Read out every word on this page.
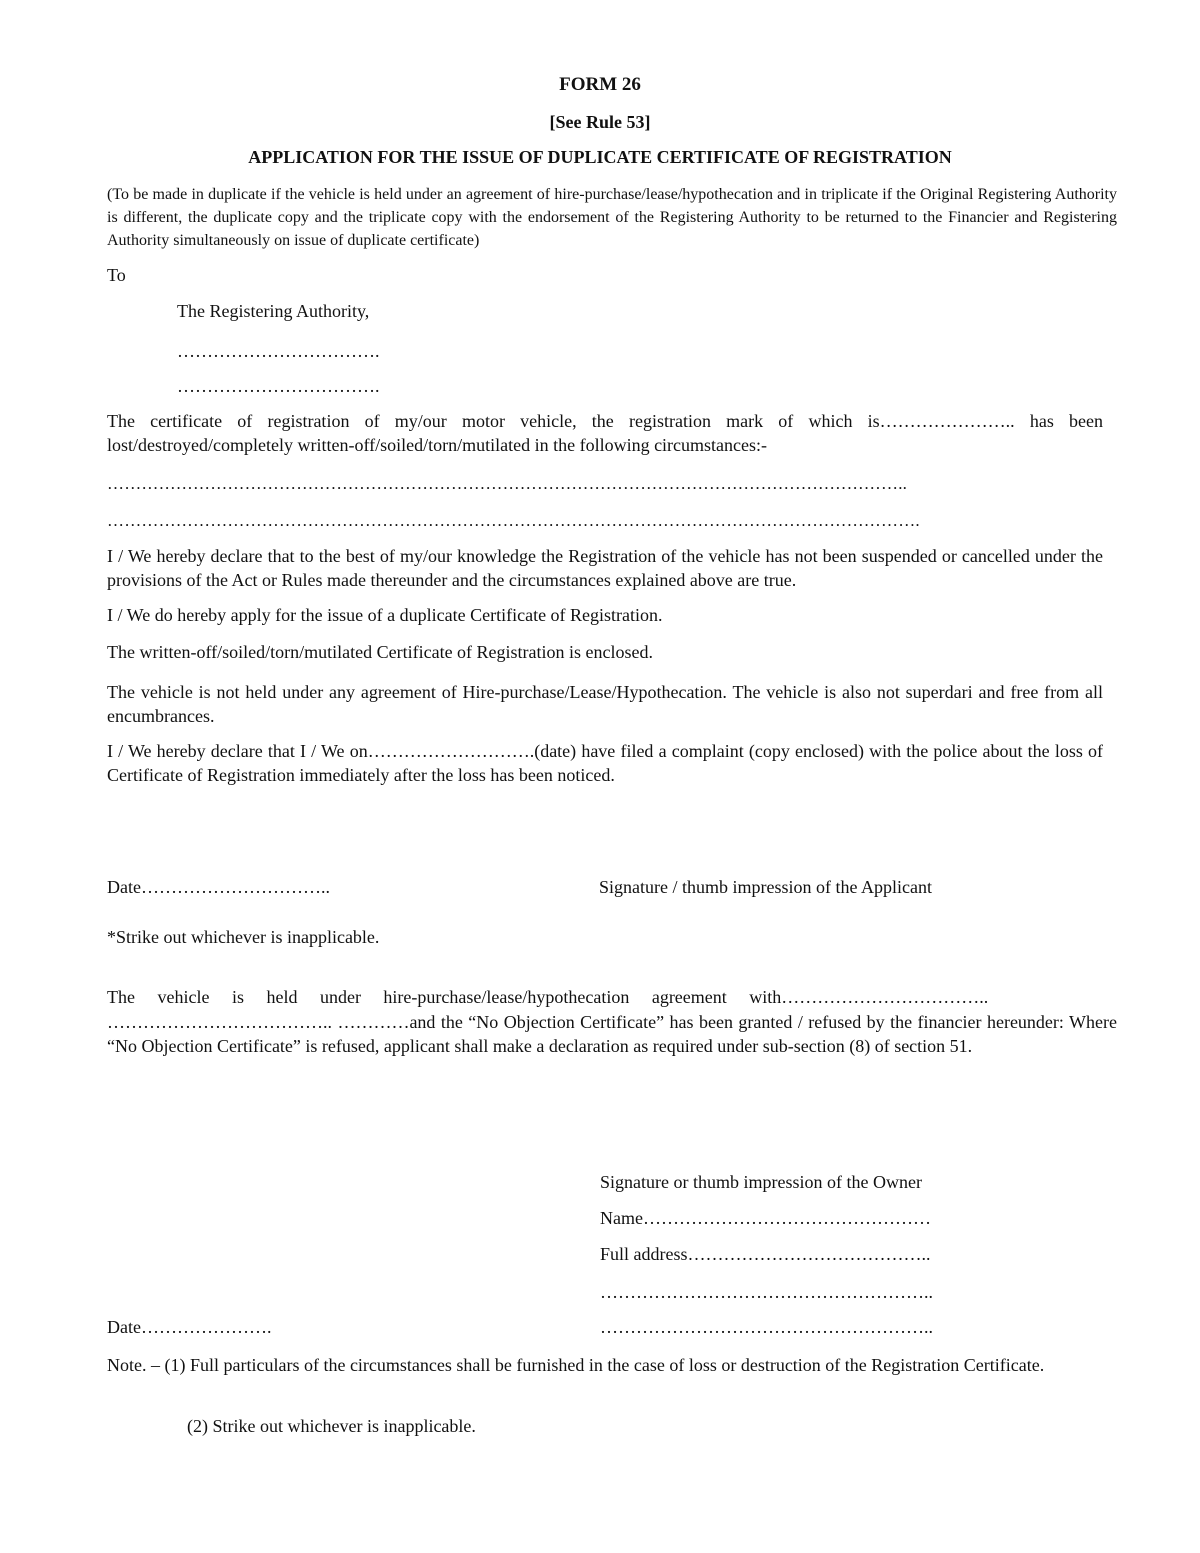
FORM 26

[See Rule 53]

APPLICATION FOR THE ISSUE OF DUPLICATE CERTIFICATE OF REGISTRATION

(To be made in duplicate if the vehicle is held under an agreement of hire-purchase/lease/hypothecation and in triplicate if the Original Registering Authority is different, the duplicate copy and the triplicate copy with the endorsement of the Registering Authority to be returned to the Financier and Registering Authority simultaneously on issue of duplicate certificate)

To

The Registering Authority,

…………………………….

…………………………….

The certificate of registration of my/our motor vehicle, the registration mark of which is………………….. has been lost/destroyed/completely written-off/soiled/torn/mutilated in the following circumstances:-

…………………………………………………………………………………………………………………………..

…………………………………………………………………………………………………………………………….

I / We hereby declare that to the best of my/our knowledge the Registration of the vehicle has not been suspended or cancelled under the provisions of the Act or Rules made thereunder and the circumstances explained above are true.

I / We do hereby apply for the issue of a duplicate Certificate of Registration.

The written-off/soiled/torn/mutilated Certificate of Registration is enclosed.

The vehicle is not held under any agreement of Hire-purchase/Lease/Hypothecation. The vehicle is also not superdari and free from all encumbrances.

I / We hereby declare that I / We on……………………….(date) have filed a complaint (copy enclosed) with the police about the loss of Certificate of Registration immediately after the loss has been noticed.

Date…………………………..	Signature / thumb impression of the Applicant

*Strike out whichever is inapplicable.

The vehicle is held under hire-purchase/lease/hypothecation agreement with……………………………..

……………………………….. …………and the “No Objection Certificate” has been granted / refused by the financier hereunder: Where “No Objection Certificate” is refused, applicant shall make a declaration as required under sub-section (8) of section 51.

Signature or thumb impression of the Owner

Name…………………………………………

Full address…………………………………..

………………………………………………..

Date………………….	………………………………………………..

Note. – (1) Full particulars of the circumstances shall be furnished in the case of loss or destruction of the Registration Certificate.

(2) Strike out whichever is inapplicable.
